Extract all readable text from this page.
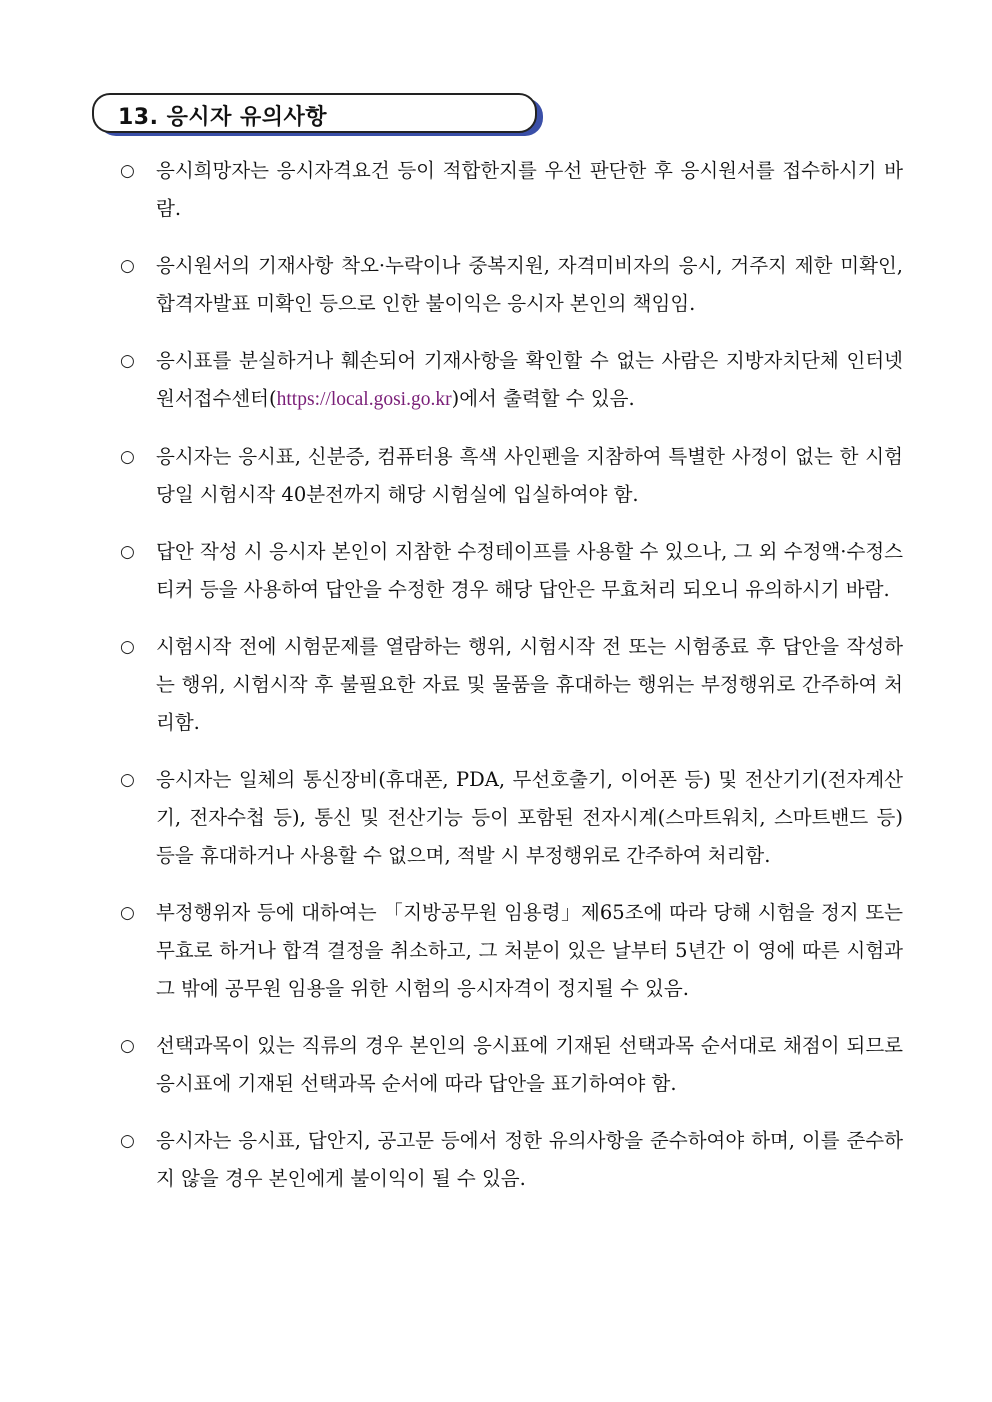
13. 응시자 유의사항
○ 응시희망자는 응시자격요건 등이 적합한지를 우선 판단한 후 응시원서를 접수하시기 바람.
○ 응시원서의 기재사항 착오·누락이나 중복지원, 자격미비자의 응시, 거주지 제한 미확인, 합격자발표 미확인 등으로 인한 불이익은 응시자 본인의 책임임.
○ 응시표를 분실하거나 훼손되어 기재사항을 확인할 수 없는 사람은 지방자치단체 인터넷원서접수센터(https://local.gosi.go.kr)에서 출력할 수 있음.
○ 응시자는 응시표, 신분증, 컴퓨터용 흑색 사인펜을 지참하여 특별한 사정이 없는 한 시험당일 시험시작 40분전까지 해당 시험실에 입실하여야 함.
○ 답안 작성 시 응시자 본인이 지참한 수정테이프를 사용할 수 있으나, 그 외 수정액·수정스티커 등을 사용하여 답안을 수정한 경우 해당 답안은 무효처리 되오니 유의하시기 바람.
○ 시험시작 전에 시험문제를 열람하는 행위, 시험시작 전 또는 시험종료 후 답안을 작성하는 행위, 시험시작 후 불필요한 자료 및 물품을 휴대하는 행위는 부정행위로 간주하여 처리함.
○ 응시자는 일체의 통신장비(휴대폰, PDA, 무선호출기, 이어폰 등) 및 전산기기(전자계산기, 전자수첩 등), 통신 및 전산기능 등이 포함된 전자시계(스마트워치, 스마트밴드 등) 등을 휴대하거나 사용할 수 없으며, 적발 시 부정행위로 간주하여 처리함.
○ 부정행위자 등에 대하여는 「지방공무원 임용령」제65조에 따라 당해 시험을 정지 또는 무효로 하거나 합격 결정을 취소하고, 그 처분이 있은 날부터 5년간 이 영에 따른 시험과 그 밖에 공무원 임용을 위한 시험의 응시자격이 정지될 수 있음.
○ 선택과목이 있는 직류의 경우 본인의 응시표에 기재된 선택과목 순서대로 채점이 되므로 응시표에 기재된 선택과목 순서에 따라 답안을 표기하여야 함.
○ 응시자는 응시표, 답안지, 공고문 등에서 정한 유의사항을 준수하여야 하며, 이를 준수하지 않을 경우 본인에게 불이익이 될 수 있음.
